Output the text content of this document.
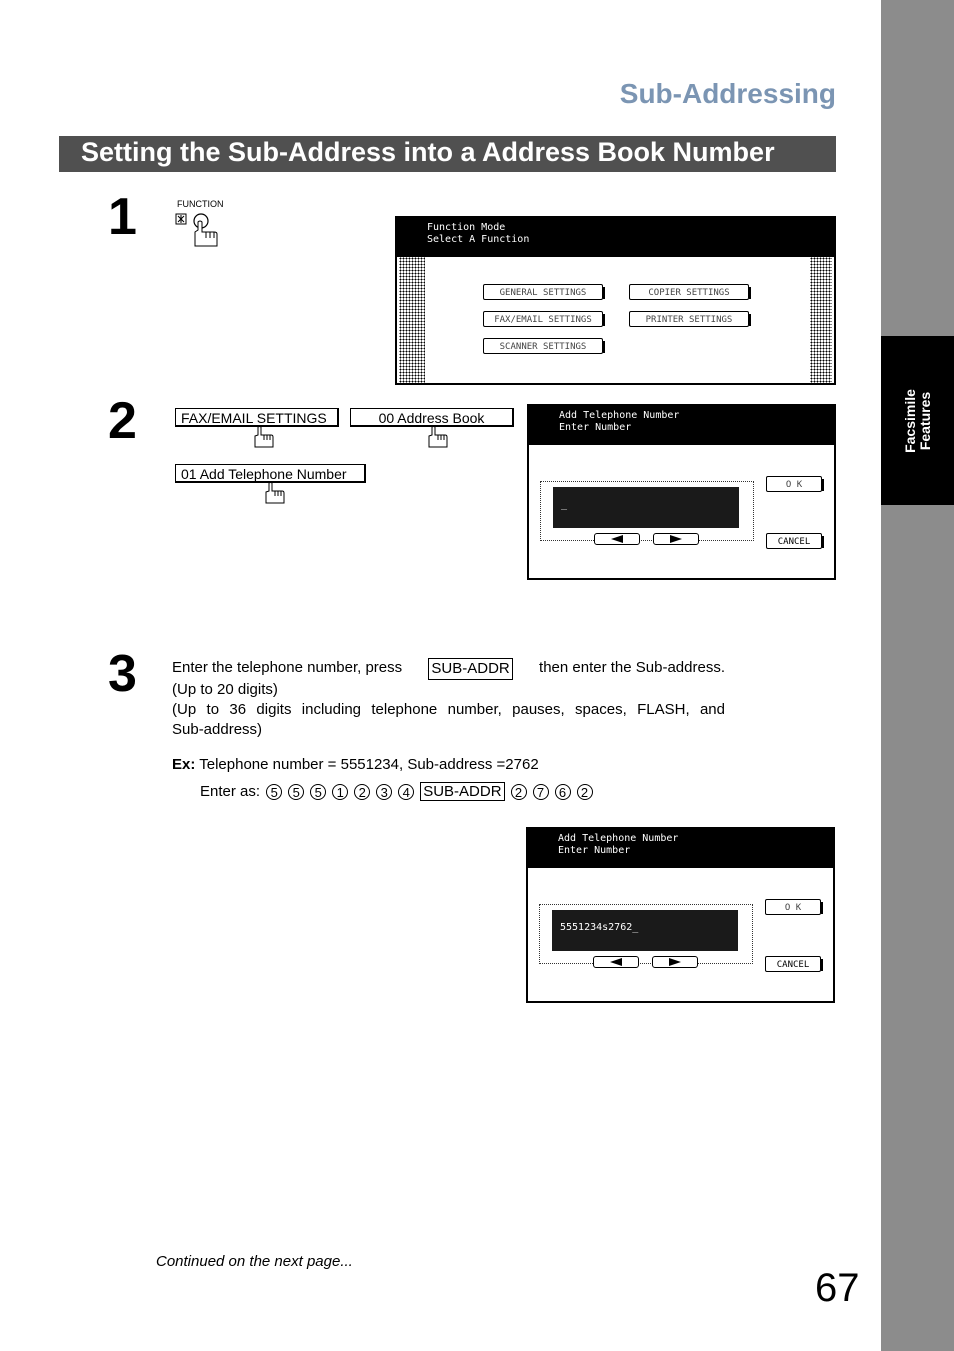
Facsimile
Features
Sub-Addressing
Setting the Sub-Address into a Address Book Number
1	FUNCTION
Function Mode
Select A Function
GENERAL SETTINGS	COPIER SETTINGS
FAX/EMAIL SETTINGS	PRINTER SETTINGS
SCANNER SETTINGS
2	FAX/EMAIL SETTINGS	00 Address Book
01 Add Telephone Number
Add Telephone Number
Enter Number
_
O K
CANCEL
3 Enter the telephone number, press SUB-ADDR then enter the Sub-address.
(Up to 20 digits)
(Up to 36 digits including telephone number, pauses, spaces, FLASH, and
Sub-address)
Ex: Telephone number = 5551234, Sub-address =2762
Enter as: 5 5 5 1 2 3 4 SUB-ADDR 2 7 6 2
Add Telephone Number
Enter Number
5551234s2762_
O K
CANCEL
Continued on the next page...
67
